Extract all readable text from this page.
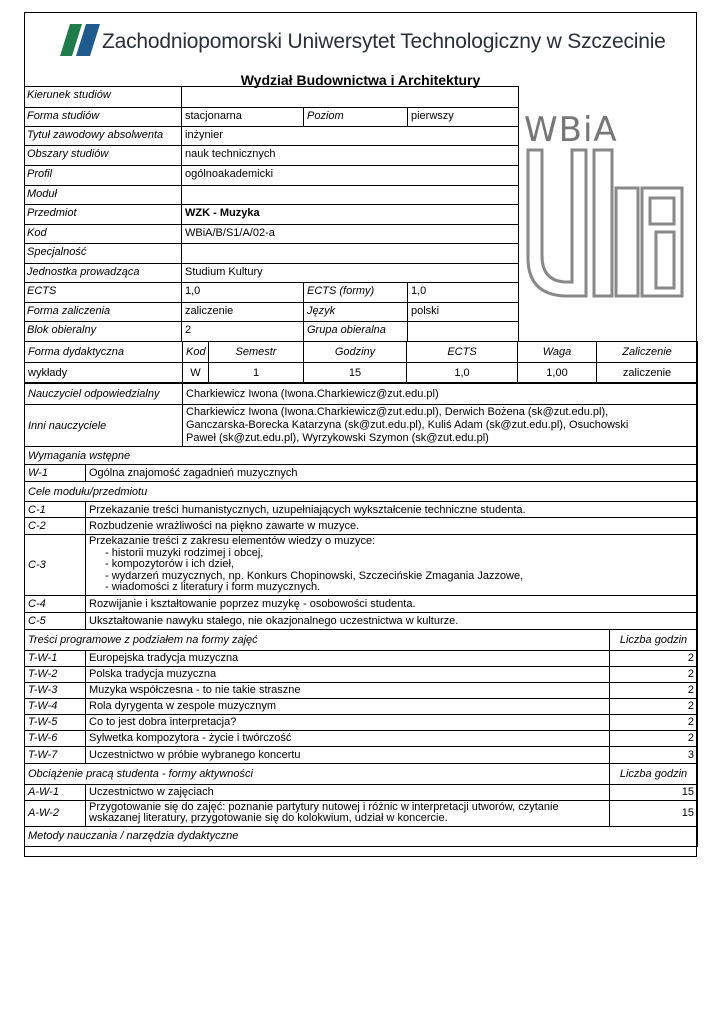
Zachodniopomorski Uniwersytet Technologiczny w Szczecinie
Wydział Budownictwa i Architektury
Kierunek studiów
Forma studiów	stacjonarna	Poziom	pierwszy
Tytuł zawodowy absolwenta	inżynier
Obszary studiów	nauk technicznych
Profil	ogólnoakademicki
Moduł
Przedmiot	WZK - Muzyka
Kod	WBiA/B/S1/A/02-a
Specjalność
Jednostka prowadząca	Studium Kultury
ECTS	1,0	ECTS (formy)	1,0
Forma zaliczenia	zaliczenie	Język	polski
Blok obieralny	2	Grupa obieralna
WBiA
Forma dydaktyczna	Kod	Semestr	Godziny	ECTS	Waga	Zaliczenie
wykłady	W	1	15	1,0	1,00	zaliczenie
Nauczyciel odpowiedzialny	Charkiewicz Iwona (Iwona.Charkiewicz@zut.edu.pl)
Inni nauczyciele	Charkiewicz Iwona (Iwona.Charkiewicz@zut.edu.pl), Derwich Bożena (sk@zut.edu.pl),
Ganczarska-Borecka Katarzyna (sk@zut.edu.pl), Kuliś Adam (sk@zut.edu.pl), Osuchowski
Paweł (sk@zut.edu.pl), Wyrzykowski Szymon (sk@zut.edu.pl)
Wymagania wstępne		
W-1	Ogólna znajomość zagadnień muzycznych	
Cele modułu/przedmiotu		
C-1	Przekazanie treści humanistycznych, uzupełniających wykształcenie techniczne studenta.	
C-2	Rozbudzenie wrażliwości na piękno zawarte w muzyce.	
C-3	Przekazanie treści z zakresu elementów wiedzy o muzyce:
- historii muzyki rodzimej i obcej,
- kompozytorów i ich dzieł,
- wydarzeń muzycznych, np. Konkurs Chopinowski, Szczecińskie Zmagania Jazzowe,
- wiadomości z literatury i form muzycznych.	

C-4	Rozwijanie i kształtowanie poprzez muzykę - osobowości studenta.	
C-5	Ukształtowanie nawyku stałego, nie okazjonalnego uczestnictwa w kulturze.	
Treści programowe z podziałem na formy zajęć		Liczba godzin
T-W-1	Europejska tradycja muzyczna	2
T-W-2	Polska tradycja muzyczna	2
T-W-3	Muzyka współczesna - to nie takie straszne	2
T-W-4	Rola dyrygenta w zespole muzycznym	2
T-W-5	Co to jest dobra interpretacja?	2
T-W-6	Sylwetka kompozytora - życie i twórczość	2
T-W-7	Uczestnictwo w próbie wybranego koncertu	3
Obciążenie pracą studenta - formy aktywności		Liczba godzin
A-W-1	Uczestnictwo w zajęciach	15
A-W-2	Przygotowanie się do zajęć: poznanie partytury nutowej i różnic w interpretacji utworów, czytanie
wskazanej literatury, przygotowanie się do kolokwium, udział w koncercie.	15
Metody nauczania / narzędzia dydaktyczne		
